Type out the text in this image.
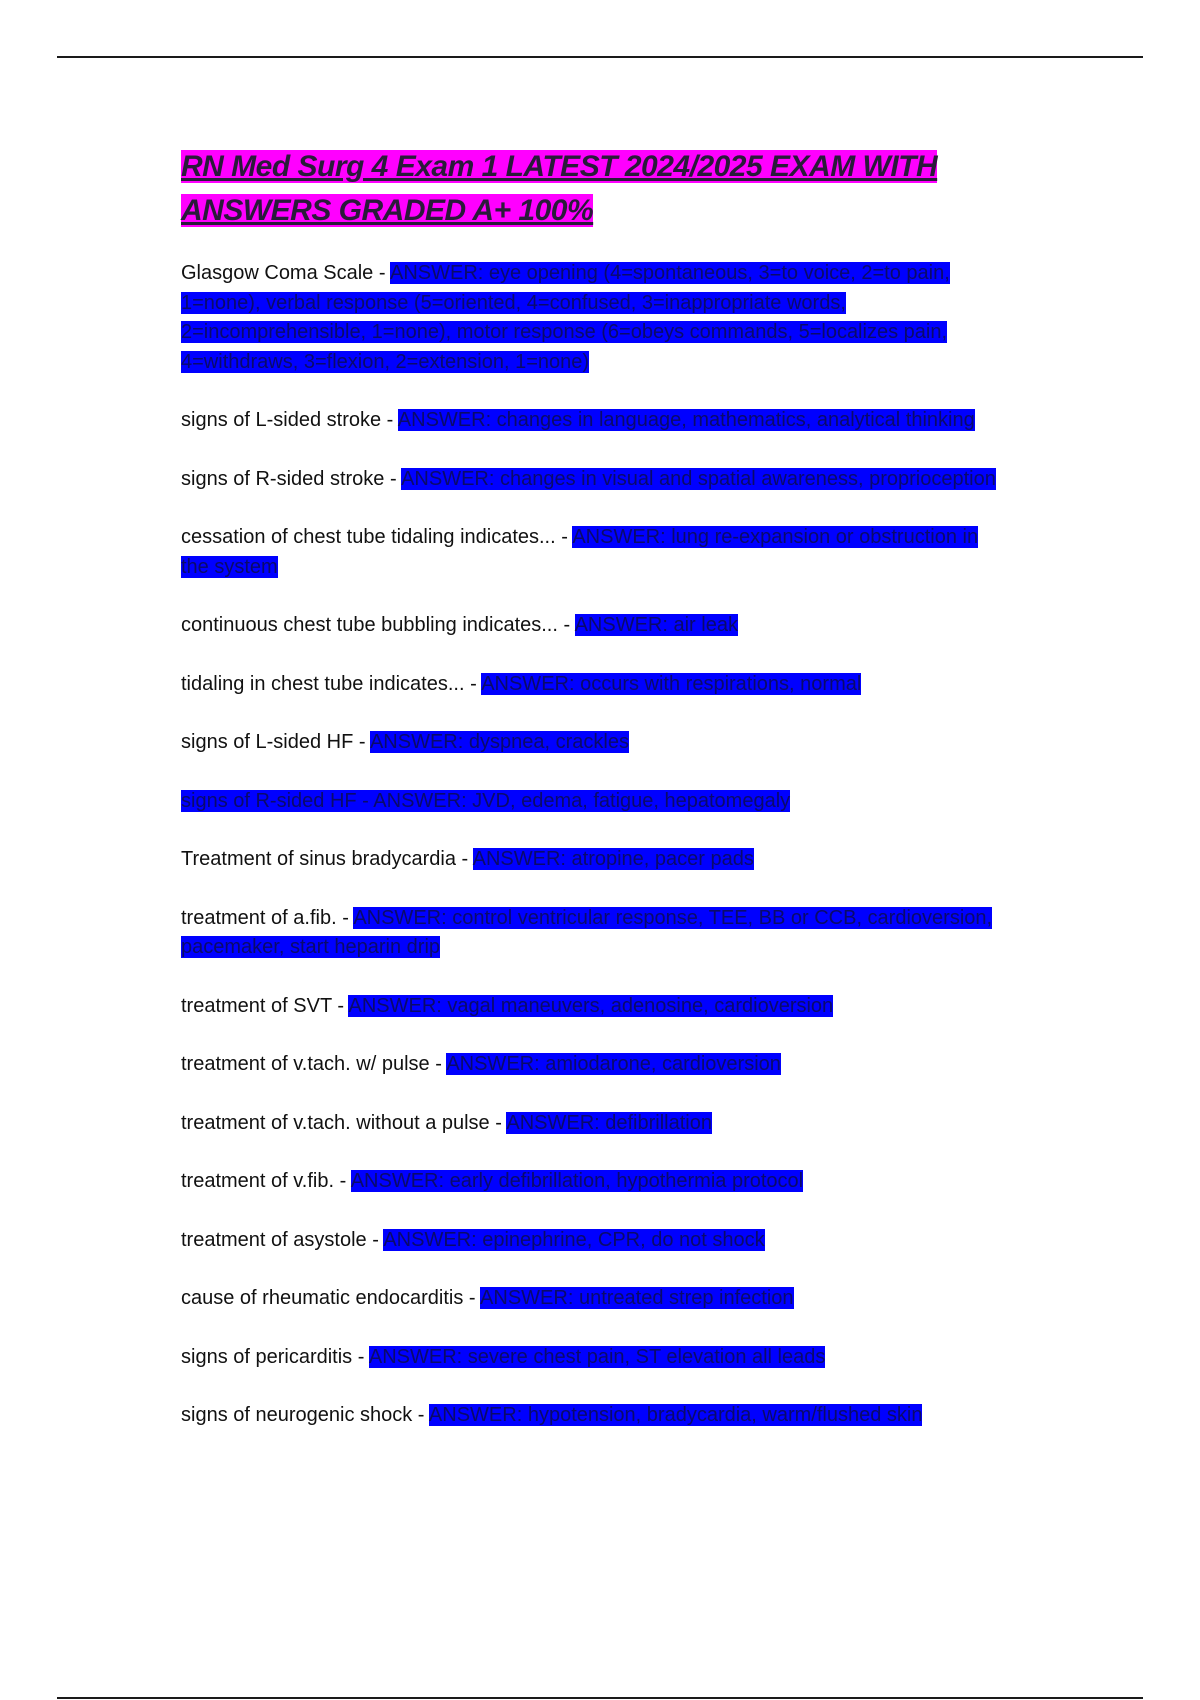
RN Med Surg 4 Exam 1 LATEST 2024/2025 EXAM WITH ANSWERS GRADED A+ 100%

Glasgow Coma Scale - ANSWER: eye opening (4=spontaneous, 3=to voice, 2=to pain, 1=none), verbal response (5=oriented, 4=confused, 3=inappropriate words, 2=incomprehensible, 1=none), motor response (6=obeys commands, 5=localizes pain, 4=withdraws, 3=flexion, 2=extension, 1=none)

signs of L-sided stroke - ANSWER: changes in language, mathematics, analytical thinking

signs of R-sided stroke - ANSWER: changes in visual and spatial awareness, proprioception

cessation of chest tube tidaling indicates... - ANSWER: lung re-expansion or obstruction in the system

continuous chest tube bubbling indicates... - ANSWER: air leak

tidaling in chest tube indicates... - ANSWER: occurs with respirations, normal

signs of L-sided HF - ANSWER: dyspnea, crackles

signs of R-sided HF - ANSWER: JVD, edema, fatigue, hepatomegaly

Treatment of sinus bradycardia - ANSWER: atropine, pacer pads

treatment of a.fib. - ANSWER: control ventricular response, TEE, BB or CCB, cardioversion, pacemaker, start heparin drip

treatment of SVT - ANSWER: vagal maneuvers, adenosine, cardioversion

treatment of v.tach. w/ pulse - ANSWER: amiodarone, cardioversion

treatment of v.tach. without a pulse - ANSWER: defibrillation

treatment of v.fib. - ANSWER: early defibrillation, hypothermia protocol

treatment of asystole - ANSWER: epinephrine, CPR, do not shock

cause of rheumatic endocarditis - ANSWER: untreated strep infection

signs of pericarditis - ANSWER: severe chest pain, ST elevation all leads

signs of neurogenic shock - ANSWER: hypotension, bradycardia, warm/flushed skin
